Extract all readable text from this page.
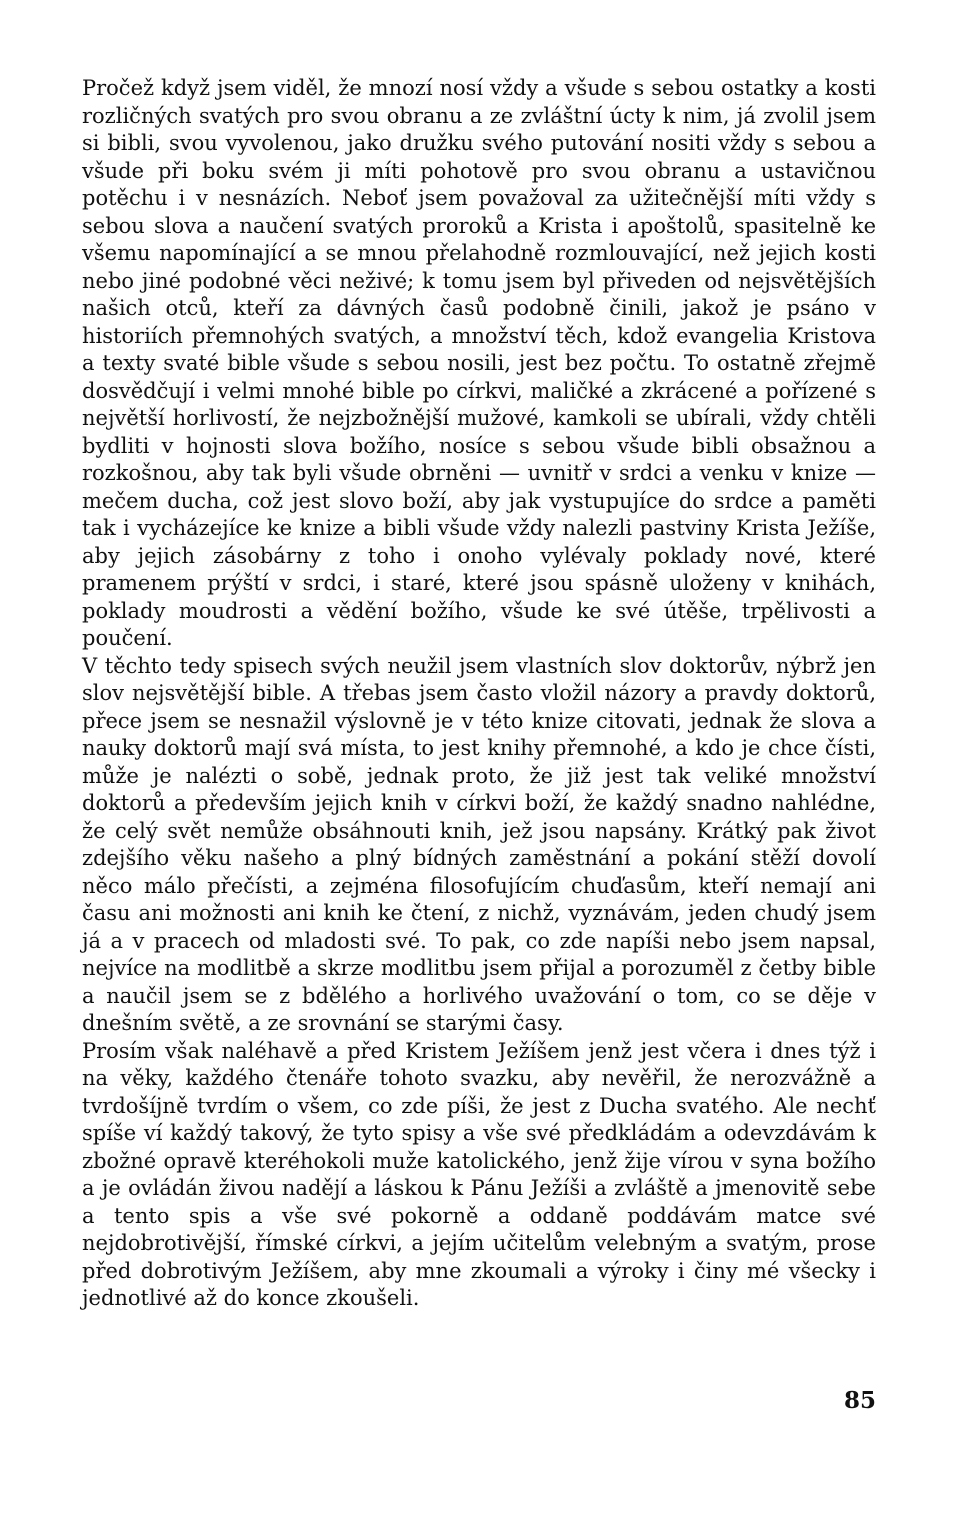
Pročež když jsem viděl, že mnozí nosí vždy a všude s sebou ostatky a kosti rozličných svatých pro svou obranu a ze zvláštní úcty k nim, já zvolil jsem si bibli, svou vyvolenou, jako družku svého putování nositi vždy s sebou a všude při boku svém ji míti pohotově pro svou obranu a ustavičnou potěchu i v nesnázích. Neboť jsem považoval za užitečnější míti vždy s sebou slova a naučení svatých proroků a Krista i apoštolů, spasitelně ke všemu napomínající a se mnou přelahodně rozmlouvající, než jejich kosti nebo jiné podobné věci neživé; k tomu jsem byl přiveden od nejsvětějších našich otců, kteří za dávných časů podobně činili, jakož je psáno v historiích přemnohých svatých, a množství těch, kdož evangelia Kristova a texty svaté bible všude s sebou nosili, jest bez počtu. To ostatně zřejmě dosvědčují i velmi mnohé bible po církvi, maličké a zkrácené a pořízené s největší horlivostí, že nejzbožnější mužové, kamkoli se ubírali, vždy chtěli bydliti v hojnosti slova božího, nosíce s sebou všude bibli obsažnou a rozkošnou, aby tak byli všude obrněni — uvnitř v srdci a venku v knize — mečem ducha, což jest slovo boží, aby jak vystupujíce do srdce a paměti tak i vycházejíce ke knize a bibli všude vždy nalezli pastviny Krista Ježíše, aby jejich zásobárny z toho i onoho vylévaly poklady nové, které pramenem prýští v srdci, i staré, které jsou spásně uloženy v knihách, poklady moudrosti a vědění božího, všude ke své útěše, trpělivosti a poučení.

V těchto tedy spisech svých neužil jsem vlastních slov doktorův, nýbrž jen slov nejsvětější bible. A třebas jsem často vložil názory a pravdy doktorů, přece jsem se nesnažil výslovně je v této knize citovati, jednak že slova a nauky doktorů mají svá místa, to jest knihy přemnohé, a kdo je chce čísti, může je nalézti o sobě, jednak proto, že již jest tak veliké množství doktorů a především jejich knih v církvi boží, že každý snadno nahlédne, že celý svět nemůže obsáhnouti knih, jež jsou napsány. Krátký pak život zdejšího věku našeho a plný bídných zaměstnání a pokání stěží dovolí něco málo přečísti, a zejména filosofujícím chuďasům, kteří nemají ani času ani možnosti ani knih ke čtení, z nichž, vyznávám, jeden chudý jsem já a v pracech od mladosti své. To pak, co zde napíši nebo jsem napsal, nejvíce na modlitbě a skrze modlitbu jsem přijal a porozuměl z četby bible a naučil jsem se z bdělého a horlivého uvažování o tom, co se děje v dnešním světě, a ze srovnání se starými časy.

Prosím však naléhavě a před Kristem Ježíšem jenž jest včera i dnes týž i na věky, každého čtenáře tohoto svazku, aby nevěřil, že nerozvážně a tvrdošíjně tvrdím o všem, co zde píši, že jest z Ducha svatého. Ale nechť spíše ví každý takový, že tyto spisy a vše své předkládám a odevzdávám k zbožné opravě kteréhokoli muže katolického, jenž žije vírou v syna božího a je ovládán živou nadějí a láskou k Pánu Ježíši a zvláště a jmenovitě sebe a tento spis a vše své pokorně a oddaně poddávám matce své nejdobrotivější, římské církvi, a jejím učitelům velebným a svatým, prose před dobrotivým Ježíšem, aby mne zkoumali a výroky i činy mé všecky i jednotlivé až do konce zkoušeli.

85
